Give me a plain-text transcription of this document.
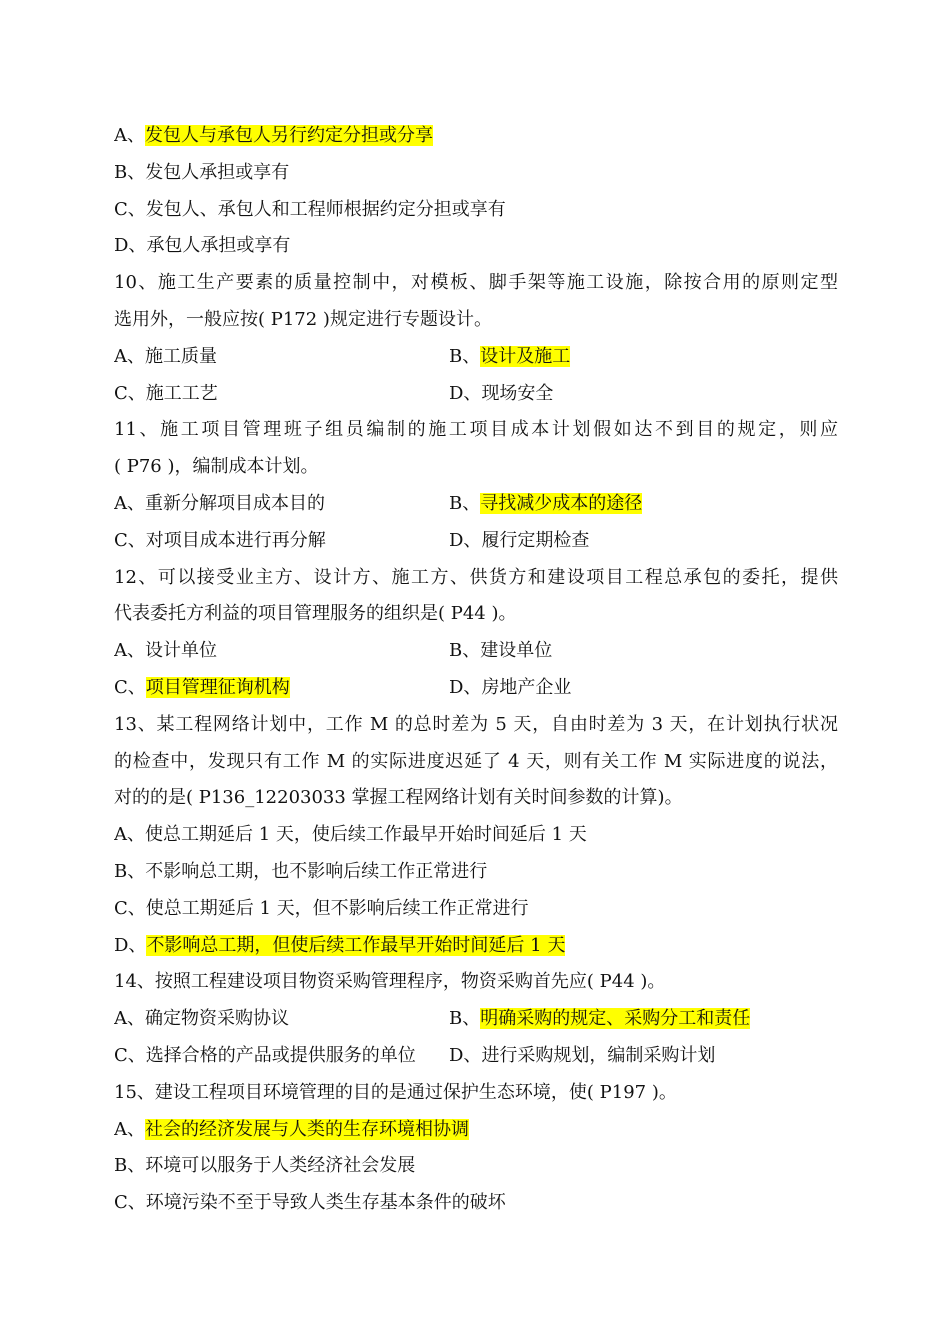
A、发包人与承包人另行约定分担或分享
B、发包人承担或享有
C、发包人、承包人和工程师根据约定分担或享有
D、承包人承担或享有
10、施工生产要素的质量控制中，对模板、脚手架等施工设施，除按合用的原则定型
选用外，一般应按( P172 )规定进行专题设计。
A、施工质量	B、设计及施工
C、施工工艺	D、现场安全
11、施工项目管理班子组员编制的施工项目成本计划假如达不到目的规定，则应
( P76 )，编制成本计划。
A、重新分解项目成本目的	B、寻找减少成本的途径
C、对项目成本进行再分解	D、履行定期检查
12、可以接受业主方、设计方、施工方、供货方和建设项目工程总承包的委托，提供
代表委托方利益的项目管理服务的组织是( P44 )。
A、设计单位	B、建设单位
C、项目管理征询机构	D、房地产企业
13、某工程网络计划中，工作 M 的总时差为 5 天，自由时差为 3 天，在计划执行状况
的检查中，发现只有工作 M 的实际进度迟延了 4 天，则有关工作 M 实际进度的说法，
对的的是( P136_12203033 掌握工程网络计划有关时间参数的计算)。
A、使总工期延后 1 天，使后续工作最早开始时间延后 1 天
B、不影响总工期，也不影响后续工作正常进行
C、使总工期延后 1 天，但不影响后续工作正常进行
D、不影响总工期，但使后续工作最早开始时间延后 1 天
14、按照工程建设项目物资采购管理程序，物资采购首先应( P44 )。
A、确定物资采购协议	B、明确采购的规定、采购分工和责任
C、选择合格的产品或提供服务的单位	D、进行采购规划，编制采购计划
15、建设工程项目环境管理的目的是通过保护生态环境，使( P197 )。
A、社会的经济发展与人类的生存环境相协调
B、环境可以服务于人类经济社会发展
C、环境污染不至于导致人类生存基本条件的破坏
